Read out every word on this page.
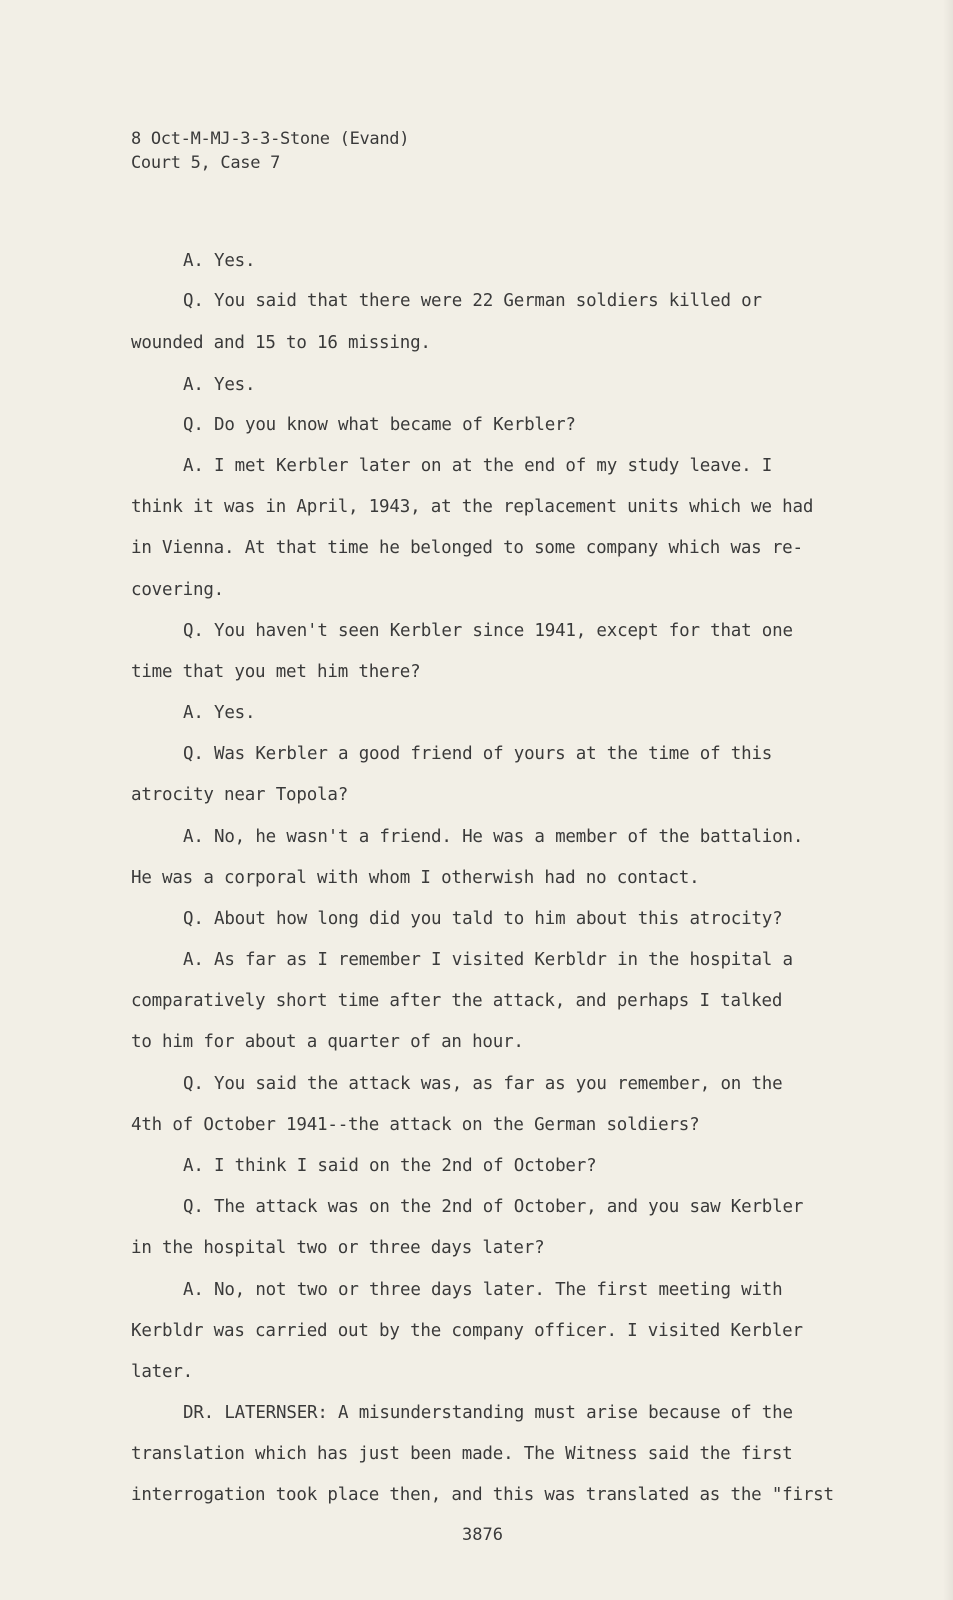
8 Oct-M-MJ-3-3-Stone (Evand)
Court 5, Case 7
A. Yes.
Q. You said that there were 22 German soldiers killed or
wounded and 15 to 16 missing.
A. Yes.
Q. Do you know what became of Kerbler?
A. I met Kerbler later on at the end of my study leave. I
think it was in April, 1943, at the replacement units which we had
in Vienna. At that time he belonged to some company which was re-
covering.
Q. You haven't seen Kerbler since 1941, except for that one
time that you met him there?
A. Yes.
Q. Was Kerbler a good friend of yours at the time of this
atrocity near Topola?
A. No, he wasn't a friend. He was a member of the battalion.
He was a corporal with whom I otherwish had no contact.
Q. About how long did you tald to him about this atrocity?
A. As far as I remember I visited Kerbldr in the hospital a
comparatively short time after the attack, and perhaps I talked
to him for about a quarter of an hour.
Q. You said the attack was, as far as you remember, on the
4th of October 1941--the attack on the German soldiers?
A. I think I said on the 2nd of October?
Q. The attack was on the 2nd of October, and you saw Kerbler
in the hospital two or three days later?
A. No, not two or three days later. The first meeting with
Kerbldr was carried out by the company officer. I visited Kerbler
later.
DR. LATERNSER: A misunderstanding must arise because of the
translation which has just been made. The Witness said the first
interrogation took place then, and this was translated as the "first
3876
